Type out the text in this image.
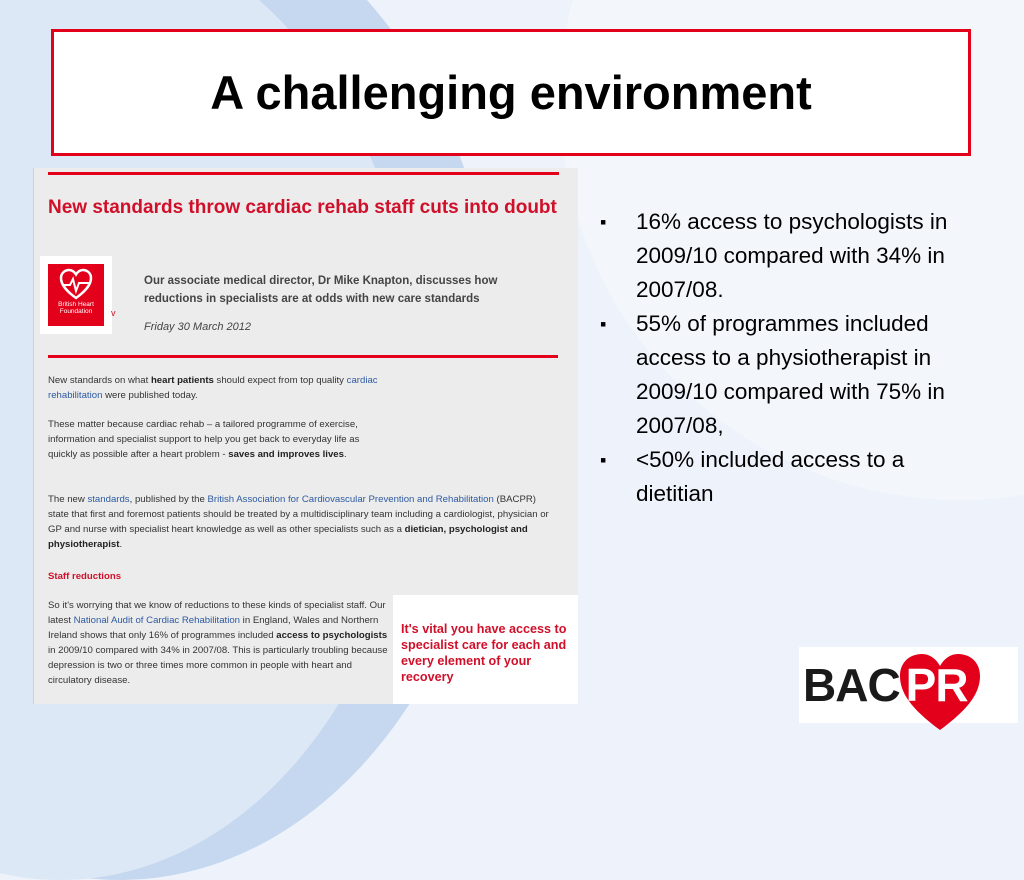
A challenging environment
New standards throw cardiac rehab staff cuts into doubt
British Heart Foundation	v
Our associate medical director, Dr Mike Knapton, discusses how reductions in specialists are at odds with new care standards
Friday 30 March 2012
New standards on what heart patients should expect from top quality cardiac rehabilitation were published today.
These matter because cardiac rehab – a tailored programme of exercise, information and specialist support to help you get back to everyday life as quickly as possible after a heart problem - saves and improves lives.
The new standards, published by the British Association for Cardiovascular Prevention and Rehabilitation (BACPR) state that first and foremost patients should be treated by a multidisciplinary team including a cardiologist, physician or GP and nurse with specialist heart knowledge as well as other specialists such as a dietician, psychologist and physiotherapist.
Staff reductions
So it's worrying that we know of reductions to these kinds of specialist staff. Our latest National Audit of Cardiac Rehabilitation in England, Wales and Northern Ireland shows that only 16% of programmes included access to psychologists in 2009/10 compared with 34% in 2007/08. This is particularly troubling because depression is two or three times more common in people with heart and circulatory disease.
It's vital you have access to specialist care for each and every element of your recovery
▪ 16% access to psychologists in 2009/10 compared with 34% in 2007/08.
▪ 55% of programmes included access to a physiotherapist in 2009/10 compared with 75% in 2007/08,
▪ <50% included access to a dietitian
BAC PR
